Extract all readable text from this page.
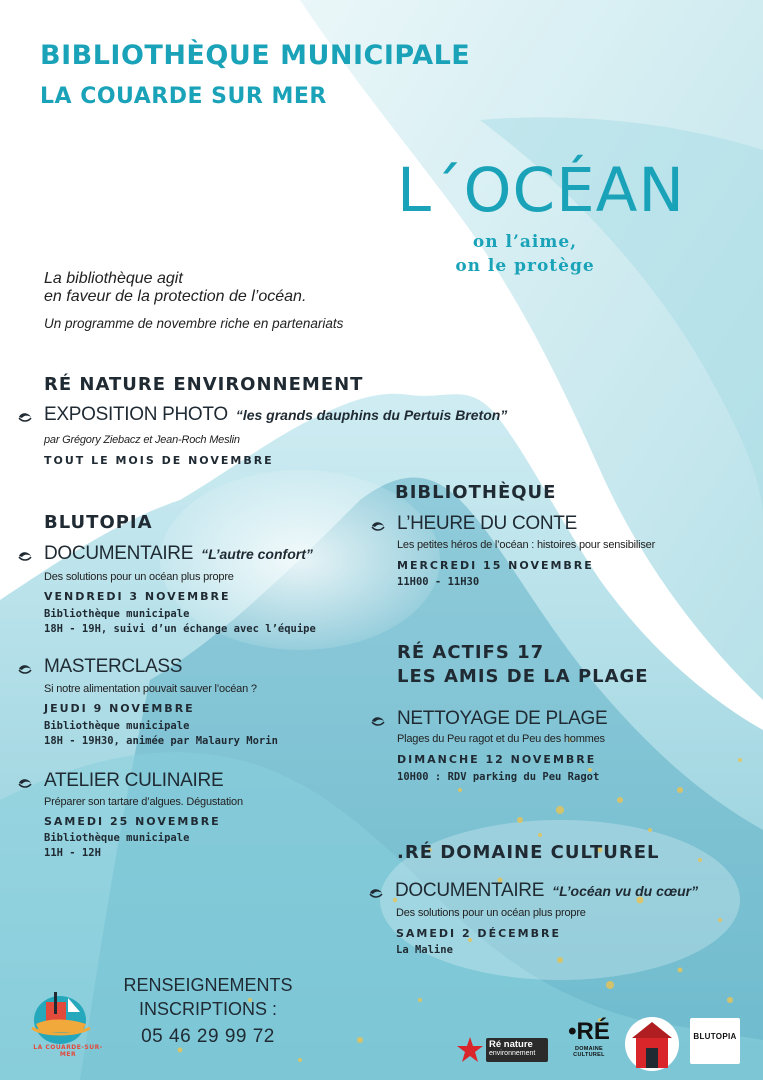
BIBLIOTHÈQUE MUNICIPALE
LA COUARDE SUR MER
L´OCÉAN
on l’aime,
on le protège
La bibliothèque agit
en faveur de la protection de l’océan.
Un programme de novembre riche en partenariats
RÉ NATURE ENVIRONNEMENT
EXPOSITION PHOTO “les grands dauphins du Pertuis Breton”
par Grégory Ziebacz et Jean-Roch Meslin
TOUT LE MOIS DE NOVEMBRE
BLUTOPIA
DOCUMENTAIRE “L’autre confort”
Des solutions pour un océan plus propre
VENDREDI 3 NOVEMBRE
Bibliothèque municipale
18H - 19H, suivi d’un échange avec l’équipe
MASTERCLASS
Si notre alimentation pouvait sauver l’océan ?
JEUDI 9 NOVEMBRE
Bibliothèque municipale
18H - 19H30, animée par Malaury Morin
ATELIER CULINAIRE
Préparer son tartare d’algues. Dégustation
SAMEDI 25 NOVEMBRE
Bibliothèque municipale
11H - 12H
BIBLIOTHÈQUE
L’HEURE DU CONTE
Les petites héros de l’océan : histoires pour sensibiliser
MERCREDI 15 NOVEMBRE
11H00 - 11H30
RÉ ACTIFS 17
LES AMIS DE LA PLAGE
NETTOYAGE DE PLAGE
Plages du Peu ragot et du Peu des hommes
DIMANCHE 12 NOVEMBRE
10H00 : RDV parking du Peu Ragot
.RÉ DOMAINE CULTUREL
DOCUMENTAIRE “L’océan vu du cœur”
Des solutions pour un océan plus propre
SAMEDI 2 DÉCEMBRE
La Maline
RENSEIGNEMENTS
INSCRIPTIONS :
05 46 29 99 72
LA COUARDE-SUR-MER
Ré nature
environnement
•RÉ
DOMAINE CULTUREL
BLUTOPIA
